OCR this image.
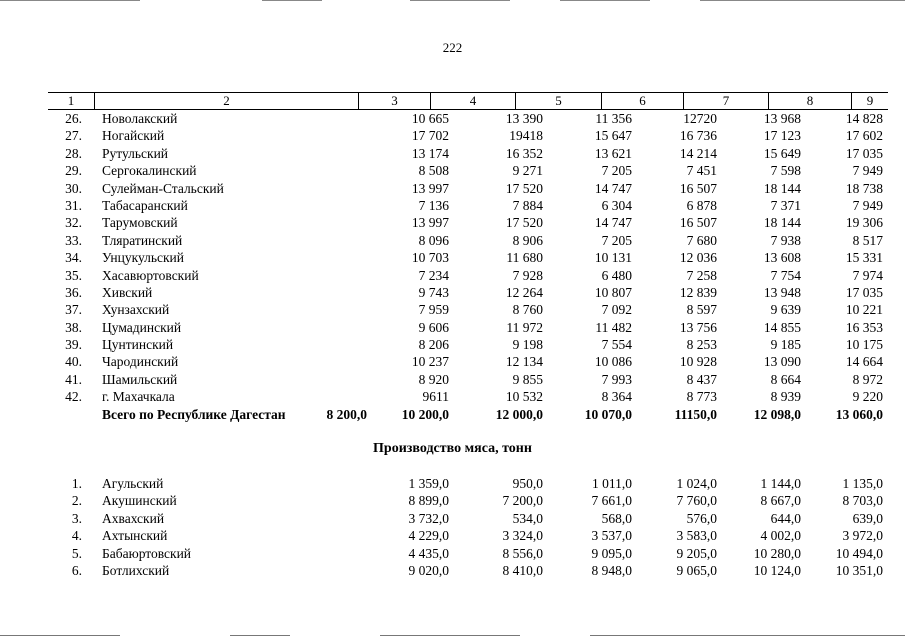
222
1	2	3	4	5	6	7	8	9
26. Новолакский	10 665	13 390	11 356	12720	13 968	14 828
27. Ногайский	17 702	19418	15 647	16 736	17 123	17 602
28. Рутульский	13 174	16 352	13 621	14 214	15 649	17 035
29. Сергокалинский	8 508	9 271	7 205	7 451	7 598	7 949
30. Сулейман-Стальский	13 997	17 520	14 747	16 507	18 144	18 738
31. Табасаранский	7 136	7 884	6 304	6 878	7 371	7 949
32. Тарумовский	13 997	17 520	14 747	16 507	18 144	19 306
33. Тляратинский	8 096	8 906	7 205	7 680	7 938	8 517
34. Унцукульский	10 703	11 680	10 131	12 036	13 608	15 331
35. Хасавюртовский	7 234	7 928	6 480	7 258	7 754	7 974
36. Хивский	9 743	12 264	10 807	12 839	13 948	17 035
37. Хунзахский	7 959	8 760	7 092	8 597	9 639	10 221
38. Цумадинский	9 606	11 972	11 482	13 756	14 855	16 353
39. Цунтинский	8 206	9 198	7 554	8 253	9 185	10 175
40. Чародинский	10 237	12 134	10 086	10 928	13 090	14 664
41. Шамильский	8 920	9 855	7 993	8 437	8 664	8 972
42. г. Махачкала	9611	10 532	8 364	8 773	8 939	9 220
Всего по Республике Дагестан	8 200,0	10 200,0	12 000,0	10 070,0	11150,0	12 098,0	13 060,0
Производство мяса, тонн
1. Агульский	1 359,0	950,0	1 011,0	1 024,0	1 144,0	1 135,0
2. Акушинский	8 899,0	7 200,0	7 661,0	7 760,0	8 667,0	8 703,0
3. Ахвахский	3 732,0	534,0	568,0	576,0	644,0	639,0
4. Ахтынский	4 229,0	3 324,0	3 537,0	3 583,0	4 002,0	3 972,0
5. Бабаюртовский	4 435,0	8 556,0	9 095,0	9 205,0	10 280,0	10 494,0
6. Ботлихский	9 020,0	8 410,0	8 948,0	9 065,0	10 124,0	10 351,0
